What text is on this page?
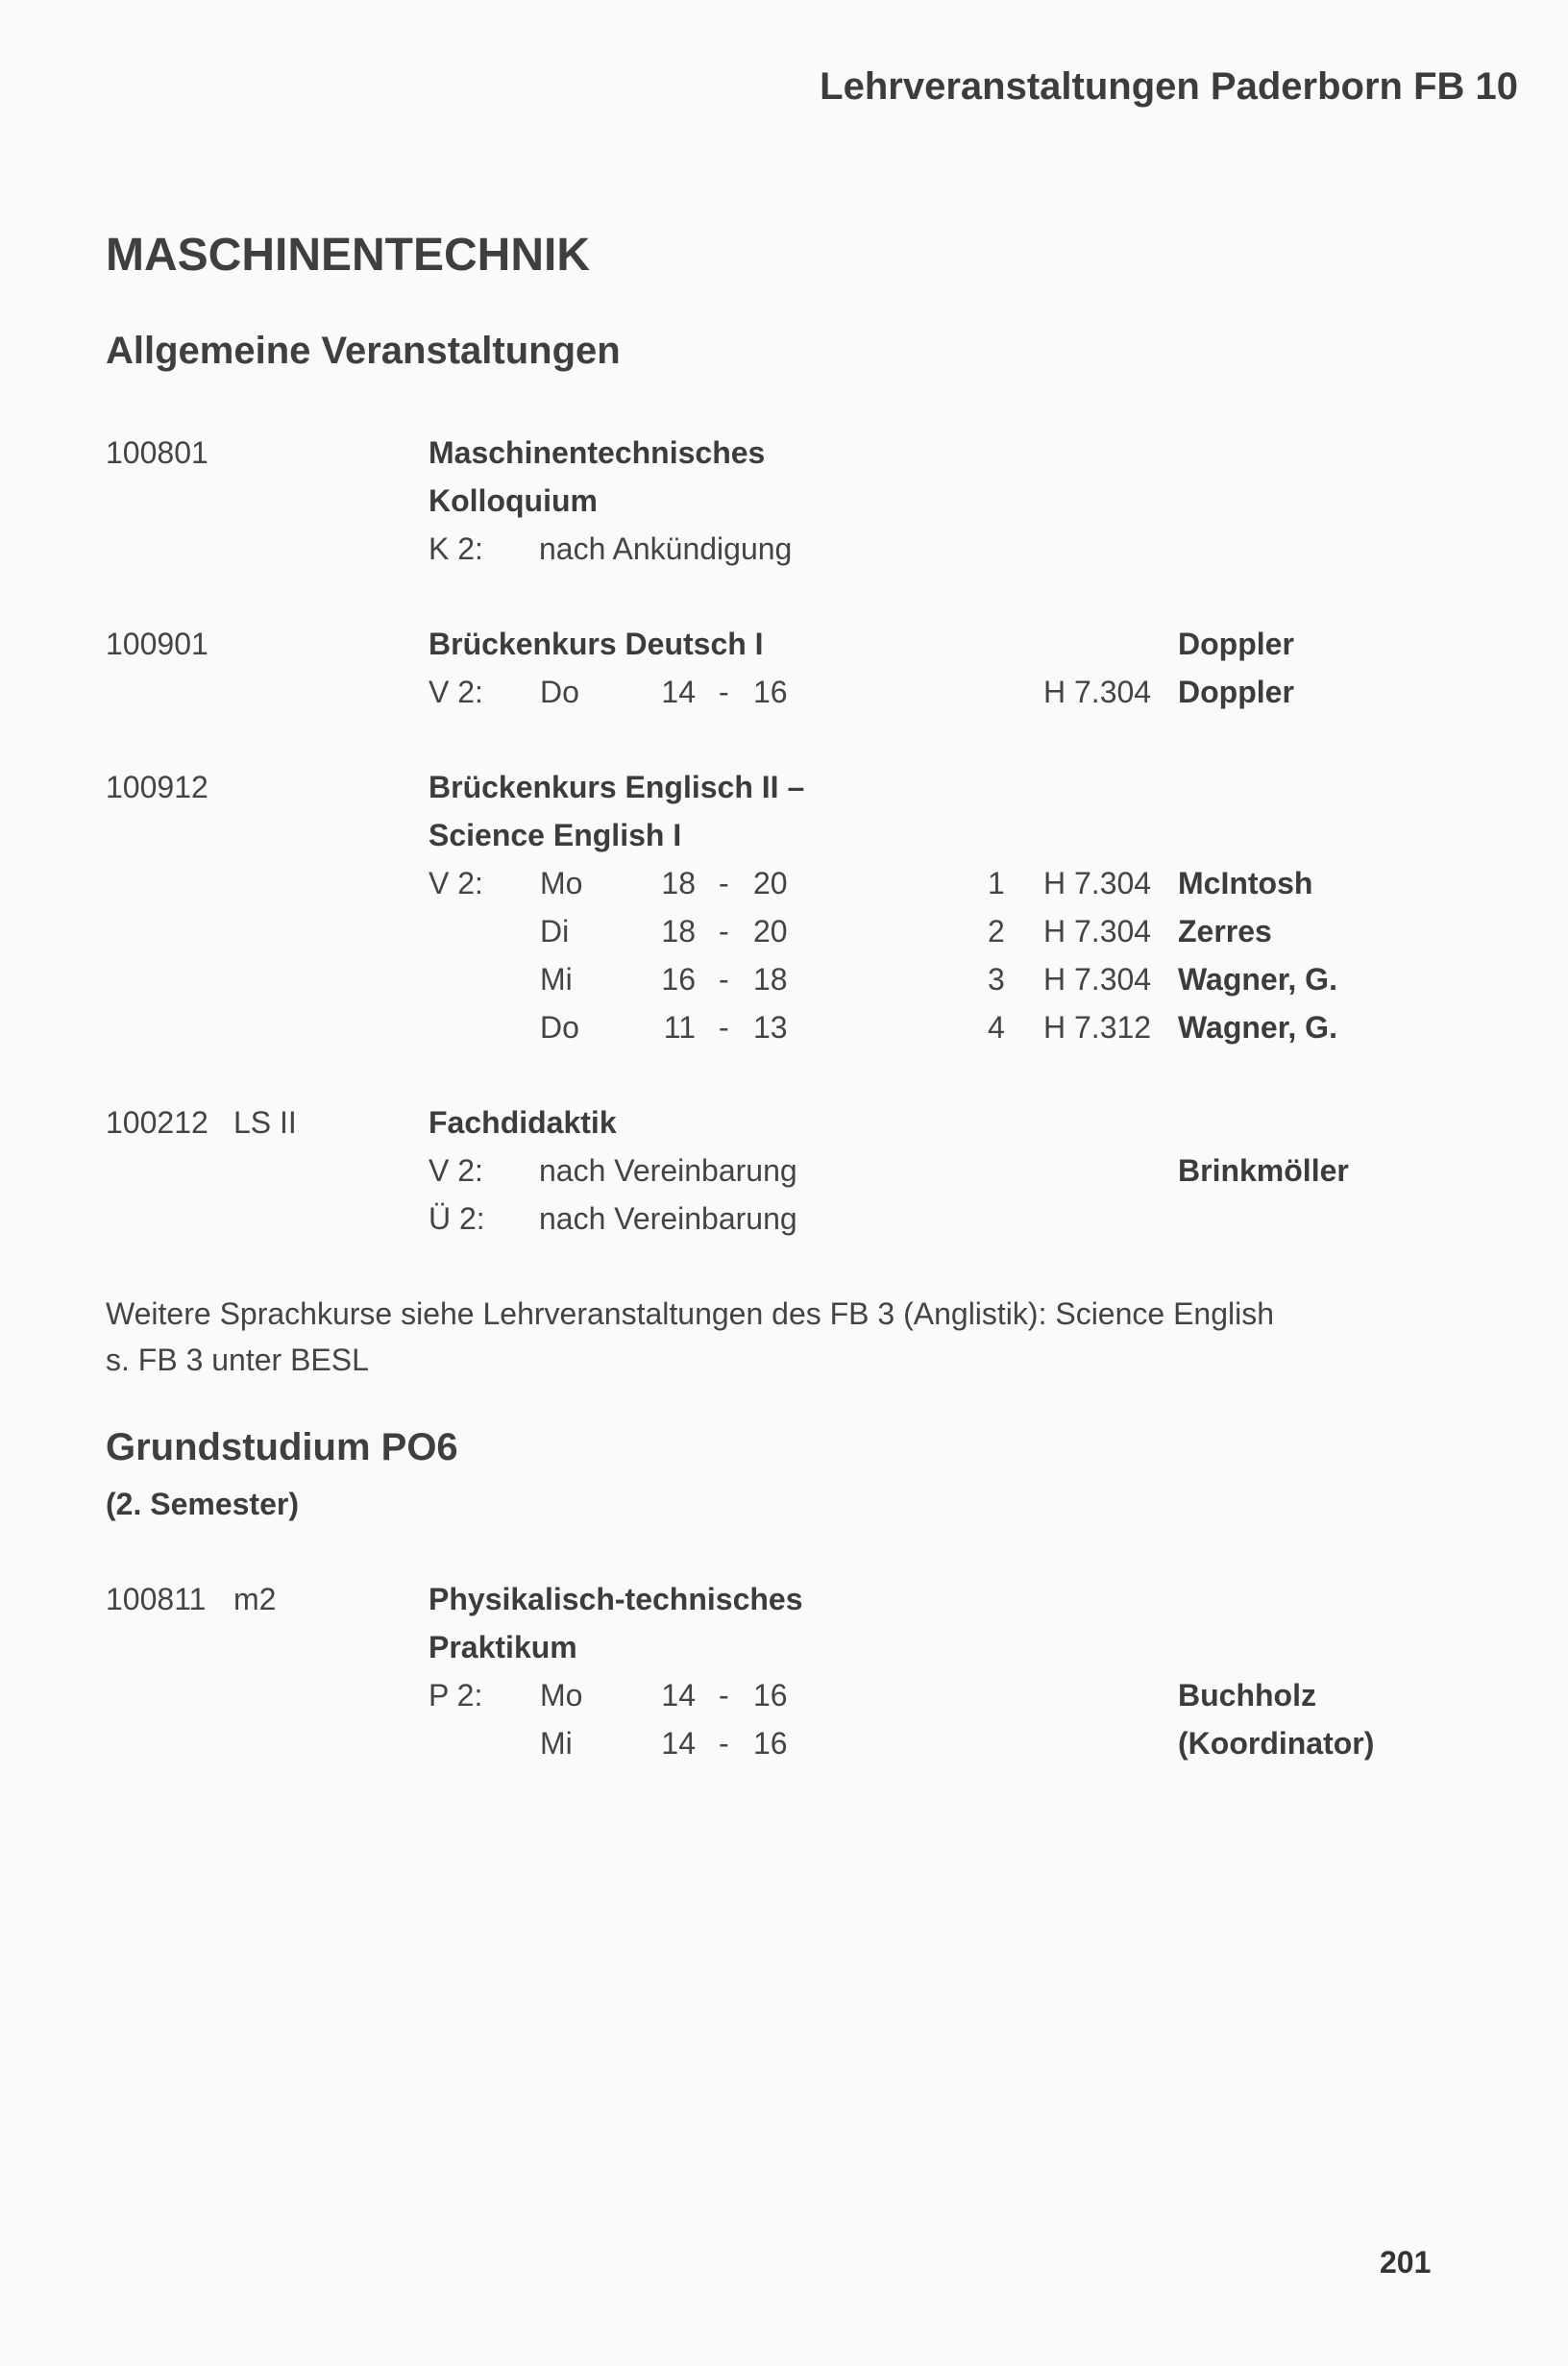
Lehrveranstaltungen Paderborn FB 10
MASCHINENTECHNIK
Allgemeine Veranstaltungen
100801	Maschinentechnisches
Kolloquium
K 2: nach Ankündigung
100901	Brückenkurs Deutsch I	Doppler
V 2: Do	14 - 16	H 7.304 Doppler
100912	Brückenkurs Englisch II –
Science English I
V 2: Mo	18 - 20	1 H 7.304 McIntosh
Di	18 - 20	2 H 7.304 Zerres
Mi	16 - 18	3 H 7.304 Wagner, G.
Do	11 - 13	4 H 7.312 Wagner, G.
100212 LS II	Fachdidaktik
V 2: nach Vereinbarung	Brinkmöller
Ü 2: nach Vereinbarung
Weitere Sprachkurse siehe Lehrveranstaltungen des FB 3 (Anglistik): Science English
s. FB 3 unter BESL
Grundstudium PO6
(2. Semester)
100811 m2	Physikalisch-technisches
Praktikum
P 2: Mo	14 - 16	Buchholz
Mi	14 - 16	(Koordinator)
201
